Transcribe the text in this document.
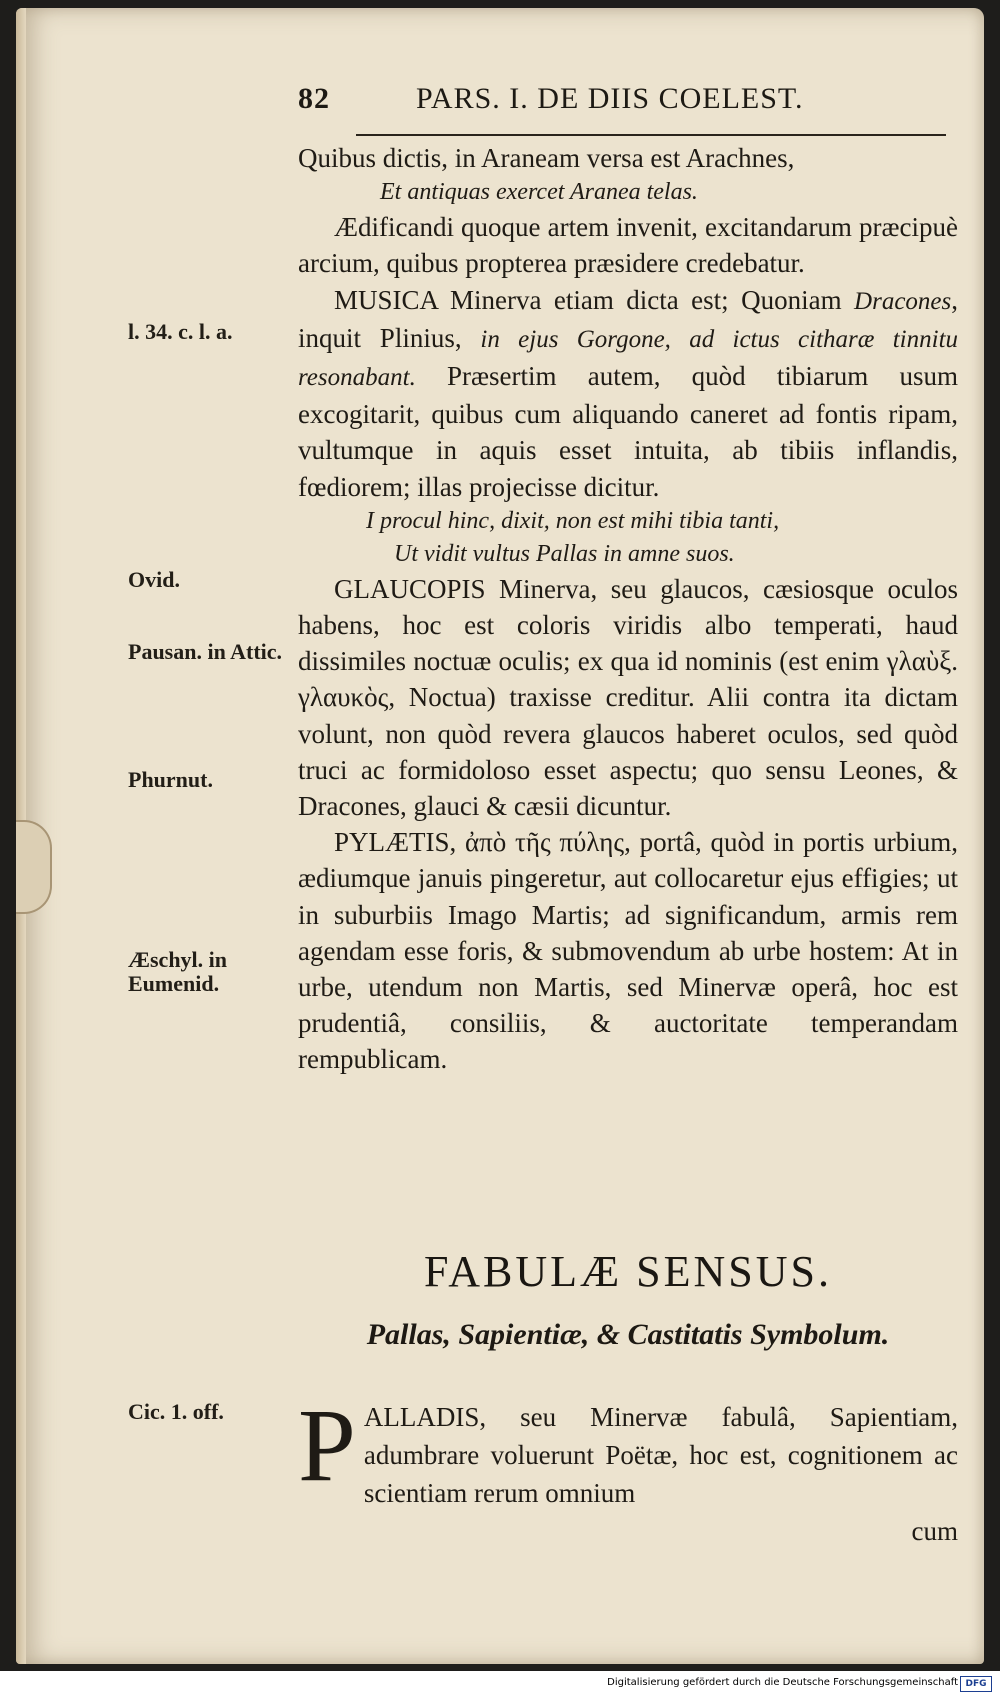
82	PARS. I. DE DIIS COELEST.
l. 34. c. l. a.
Ovid.
Pausan. in Attic.
Phurnut.
Æschyl. in Eumenid.
Cic. 1. off.

Quibus dictis, in Araneam versa est Arachnes,

Et antiquas exercet Aranea telas.

Ædificandi quoque artem invenit, excitandarum præcipuè arcium, quibus propterea præsidere credebatur.

MUSICA Minerva etiam dicta est; Quoniam Dracones, inquit Plinius, in ejus Gorgone, ad ictus citharæ tinnitu resonabant. Præsertim autem, quòd tibiarum usum excogitarit, quibus cum aliquando caneret ad fontis ripam, vultumque in aquis esset intuita, ab tibiis inflandis, fœdiorem; illas projecisse dicitur.

I procul hinc, dixit, non est mihi tibia tanti,

Ut vidit vultus Pallas in amne suos.

GLAUCOPIS Minerva, seu glaucos, cæsiosque oculos habens, hoc est coloris viridis albo temperati, haud dissimiles noctuæ oculis; ex qua id nominis (est enim γλαὺξ. γλαυκὸς, Noctua) traxisse creditur. Alii contra ita dictam volunt, non quòd revera glaucos haberet oculos, sed quòd truci ac formidoloso esset aspectu; quo sensu Leones, & Dracones, glauci & cæsii dicuntur.

PYLÆTIS, ἀπὸ τῆς πύλης, portâ, quòd in portis urbium, ædiumque januis pingeretur, aut collocaretur ejus effigies; ut in suburbiis Imago Martis; ad significandum, armis rem agendam esse foris, & submovendum ab urbe hostem: At in urbe, utendum non Martis, sed Minervæ operâ, hoc est prudentiâ, consiliis, & auctoritate temperandam rempublicam.

FABULÆ SENSUS.
Pallas, Sapientiæ, & Castitatis Symbolum.
P ALLADIS, seu Minervæ fabulâ, Sapientiam, adumbrare voluerunt Poëtæ, hoc est, cognitionem ac scientiam rerum omnium
cum
Digitalisierung gefördert durch die Deutsche Forschungsgemeinschaft DFG
